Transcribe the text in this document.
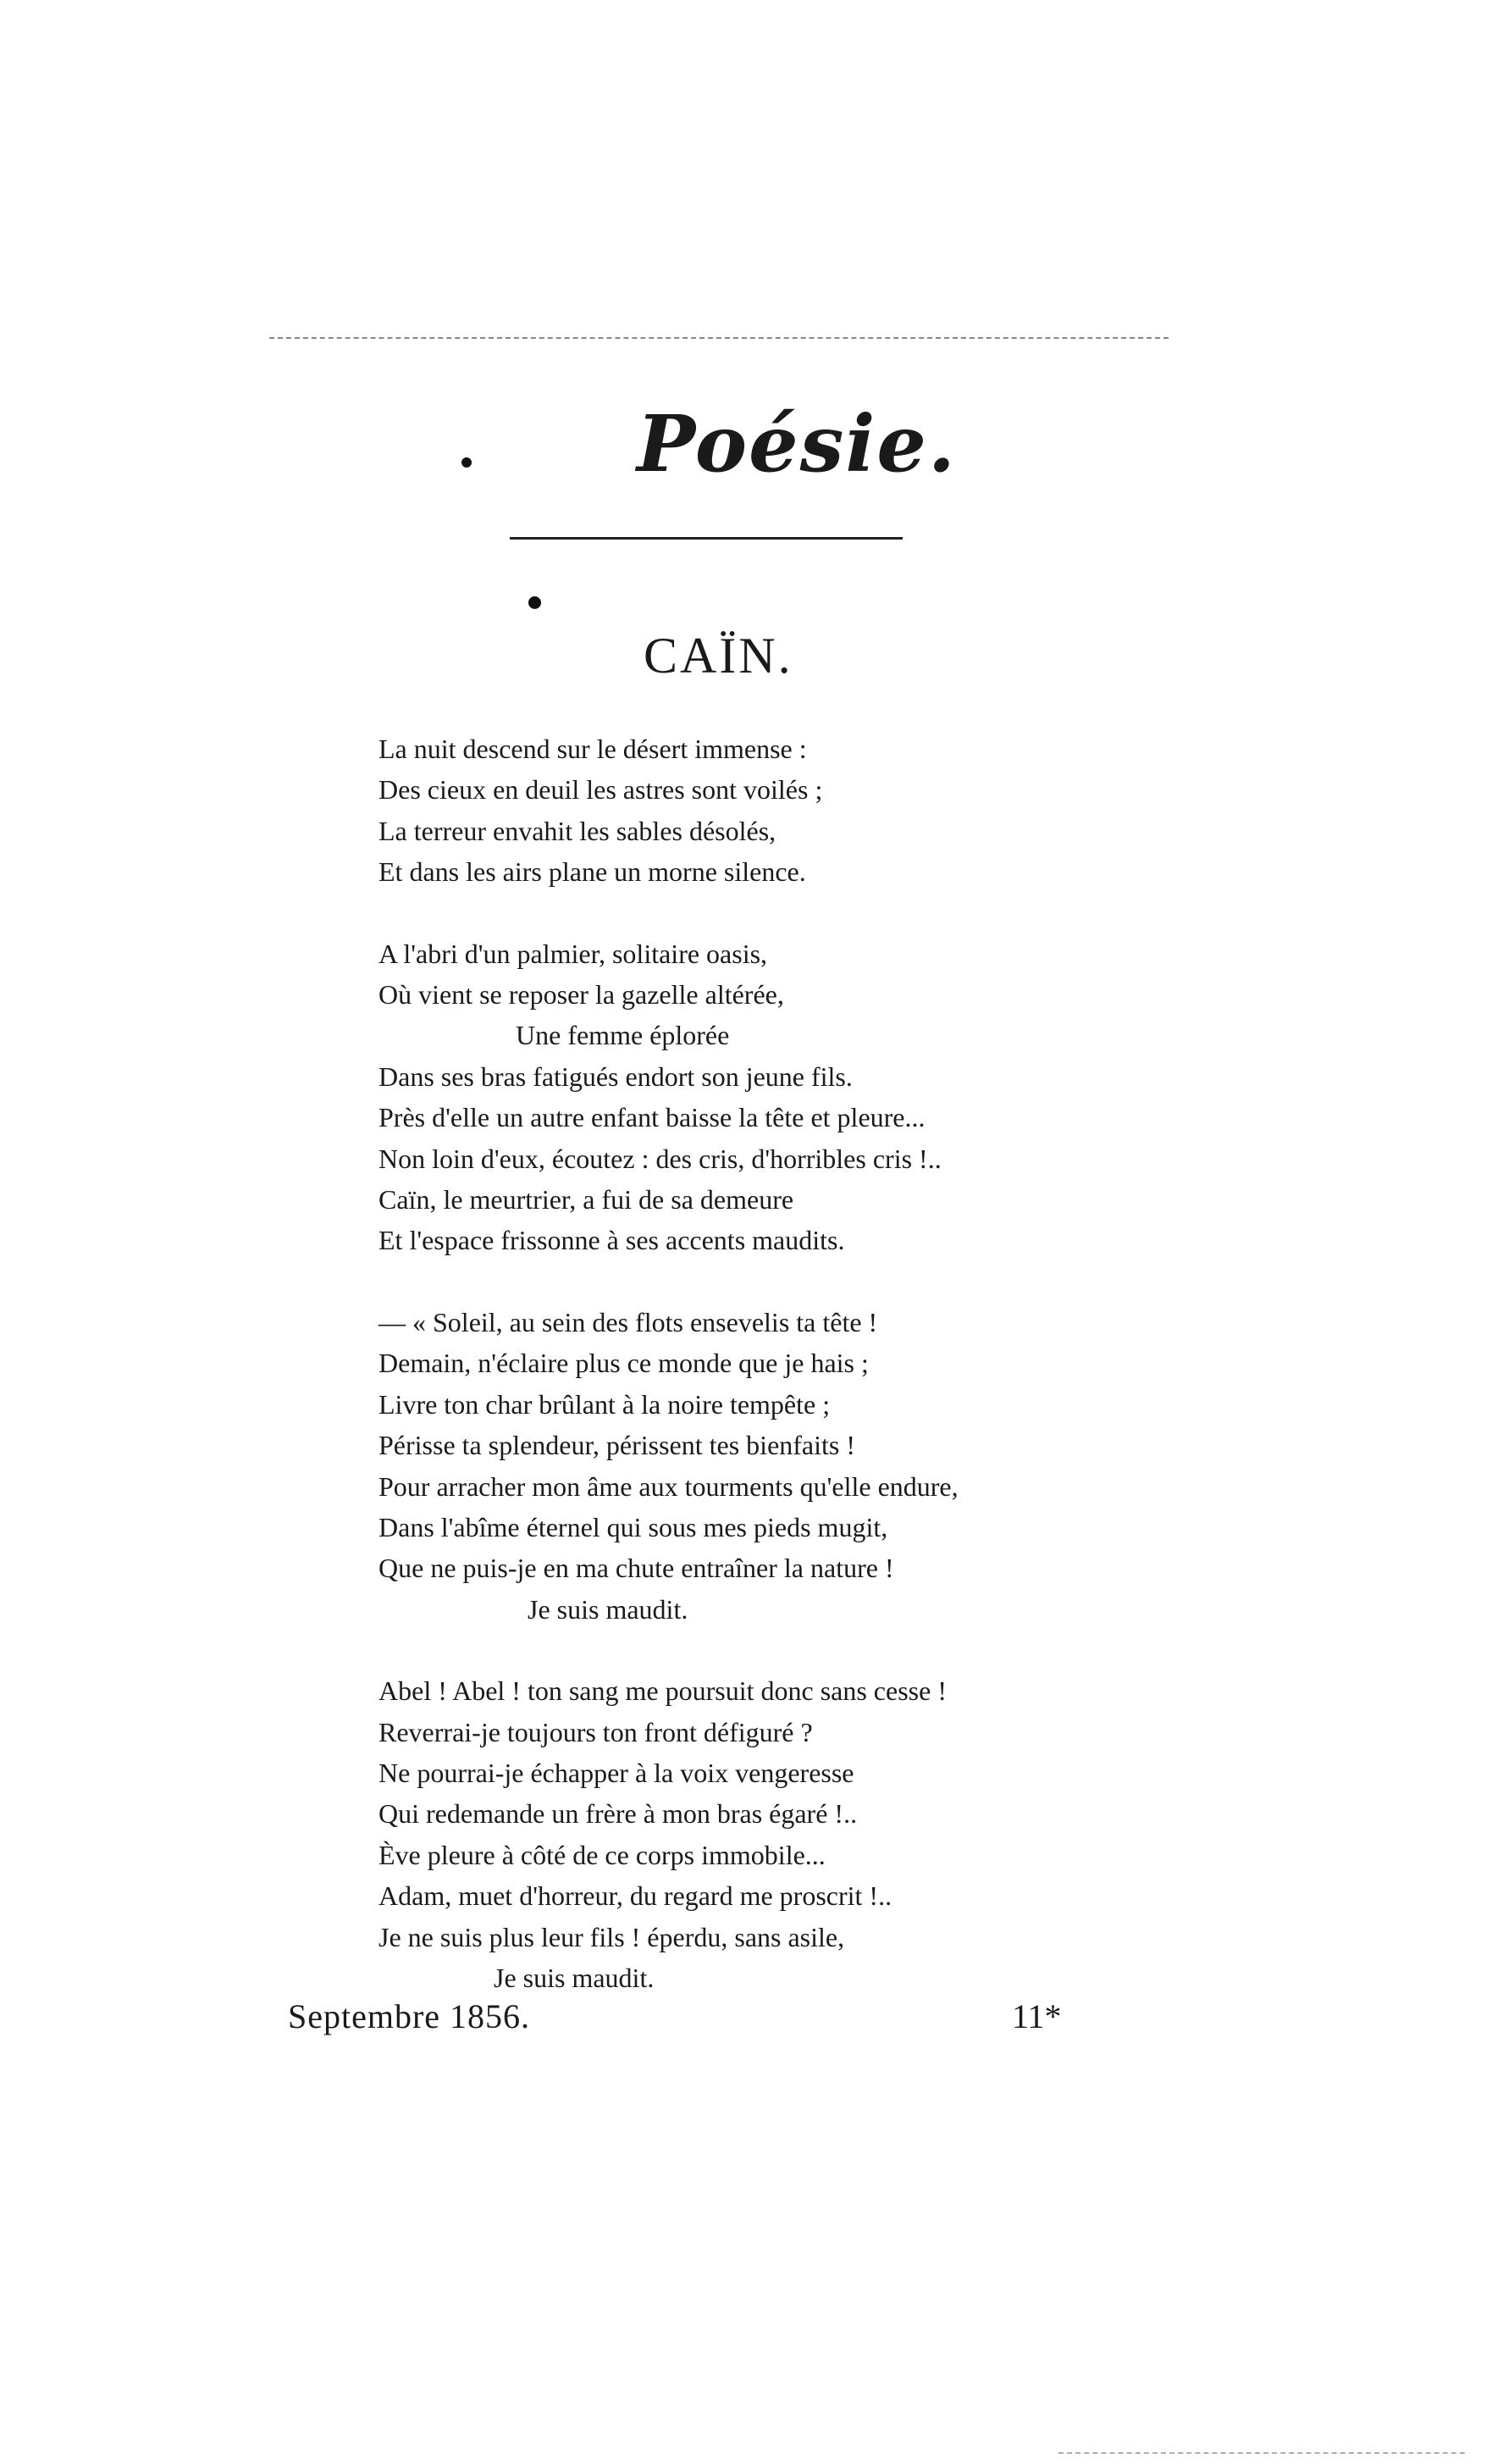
Poésie.
CAÏN.
La nuit descend sur le désert immense :
Des cieux en deuil les astres sont voilés ;
La terreur envahit les sables désolés,
Et dans les airs plane un morne silence.
A l'abri d'un palmier, solitaire oasis,
Où vient se reposer la gazelle altérée,
Une femme éplorée
Dans ses bras fatigués endort son jeune fils.
Près d'elle un autre enfant baisse la tête et pleure...
Non loin d'eux, écoutez : des cris, d'horribles cris !..
Caïn, le meurtrier, a fui de sa demeure
Et l'espace frissonne à ses accents maudits.
— « Soleil, au sein des flots ensevelis ta tête !
Demain, n'éclaire plus ce monde que je hais ;
Livre ton char brûlant à la noire tempête ;
Périsse ta splendeur, périssent tes bienfaits !
Pour arracher mon âme aux tourments qu'elle endure,
Dans l'abîme éternel qui sous mes pieds mugit,
Que ne puis-je en ma chute entraîner la nature !
Je suis maudit.
Abel ! Abel ! ton sang me poursuit donc sans cesse !
Reverrai-je toujours ton front défiguré ?
Ne pourrai-je échapper à la voix vengeresse
Qui redemande un frère à mon bras égaré !..
Ève pleure à côté de ce corps immobile...
Adam, muet d'horreur, du regard me proscrit !..
Je ne suis plus leur fils ! éperdu, sans asile,
Je suis maudit.
Septembre 1856.	11*
